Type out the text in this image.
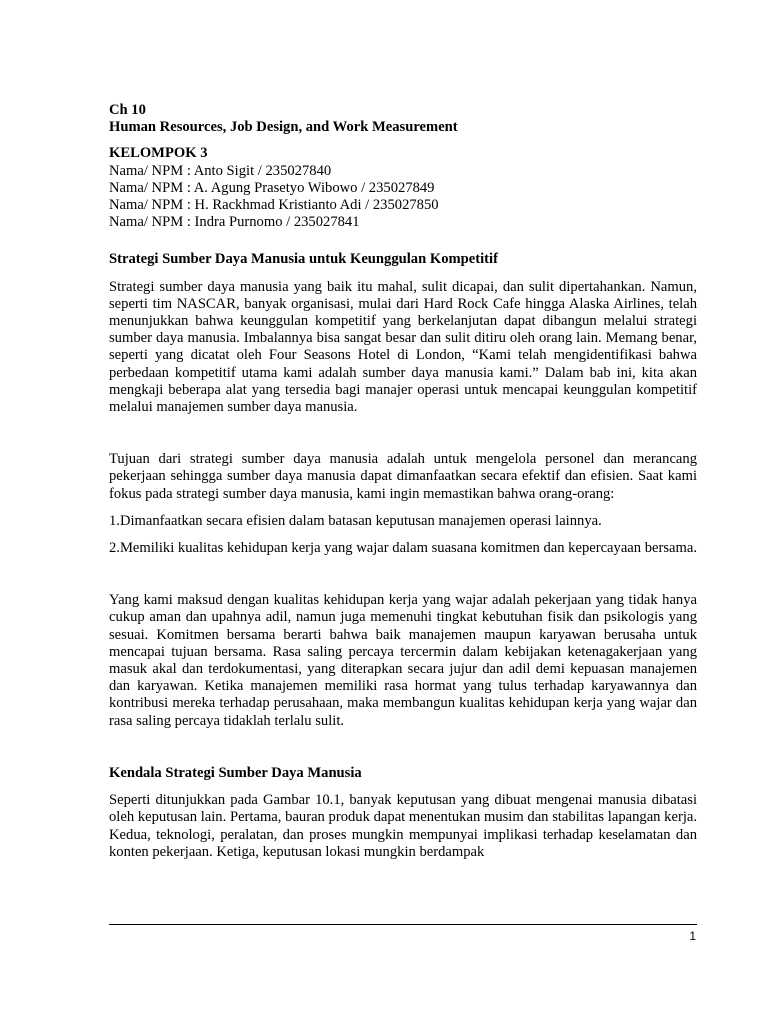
Ch 10

Human Resources, Job Design, and Work Measurement

KELOMPOK 3

Nama/ NPM : Anto Sigit / 235027840

Nama/ NPM : A. Agung Prasetyo Wibowo / 235027849

Nama/ NPM : H. Rackhmad Kristianto Adi / 235027850

Nama/ NPM : Indra Purnomo / 235027841

Strategi Sumber Daya Manusia untuk Keunggulan Kompetitif

Strategi sumber daya manusia yang baik itu mahal, sulit dicapai, dan sulit dipertahankan. Namun, seperti tim NASCAR, banyak organisasi, mulai dari Hard Rock Cafe hingga Alaska Airlines, telah menunjukkan bahwa keunggulan kompetitif yang berkelanjutan dapat dibangun melalui strategi sumber daya manusia. Imbalannya bisa sangat besar dan sulit ditiru oleh orang lain. Memang benar, seperti yang dicatat oleh Four Seasons Hotel di London, “Kami telah mengidentifikasi bahwa perbedaan kompetitif utama kami adalah sumber daya manusia kami.” Dalam bab ini, kita akan mengkaji beberapa alat yang tersedia bagi manajer operasi untuk mencapai keunggulan kompetitif melalui manajemen sumber daya manusia.

Tujuan dari strategi sumber daya manusia adalah untuk mengelola personel dan merancang pekerjaan sehingga sumber daya manusia dapat dimanfaatkan secara efektif dan efisien. Saat kami fokus pada strategi sumber daya manusia, kami ingin memastikan bahwa orang-orang:

1.Dimanfaatkan secara efisien dalam batasan keputusan manajemen operasi lainnya.

2.Memiliki kualitas kehidupan kerja yang wajar dalam suasana komitmen dan kepercayaan bersama.

Yang kami maksud dengan kualitas kehidupan kerja yang wajar adalah pekerjaan yang tidak hanya cukup aman dan upahnya adil, namun juga memenuhi tingkat kebutuhan fisik dan psikologis yang sesuai. Komitmen bersama berarti bahwa baik manajemen maupun karyawan berusaha untuk mencapai tujuan bersama. Rasa saling percaya tercermin dalam kebijakan ketenagakerjaan yang masuk akal dan terdokumentasi, yang diterapkan secara jujur dan adil demi kepuasan manajemen dan karyawan. Ketika manajemen memiliki rasa hormat yang tulus terhadap karyawannya dan kontribusi mereka terhadap perusahaan, maka membangun kualitas kehidupan kerja yang wajar dan rasa saling percaya tidaklah terlalu sulit.

Kendala Strategi Sumber Daya Manusia

Seperti ditunjukkan pada Gambar 10.1, banyak keputusan yang dibuat mengenai manusia dibatasi oleh keputusan lain. Pertama, bauran produk dapat menentukan musim dan stabilitas lapangan kerja. Kedua, teknologi, peralatan, dan proses mungkin mempunyai implikasi terhadap keselamatan dan konten pekerjaan. Ketiga, keputusan lokasi mungkin berdampak

1
